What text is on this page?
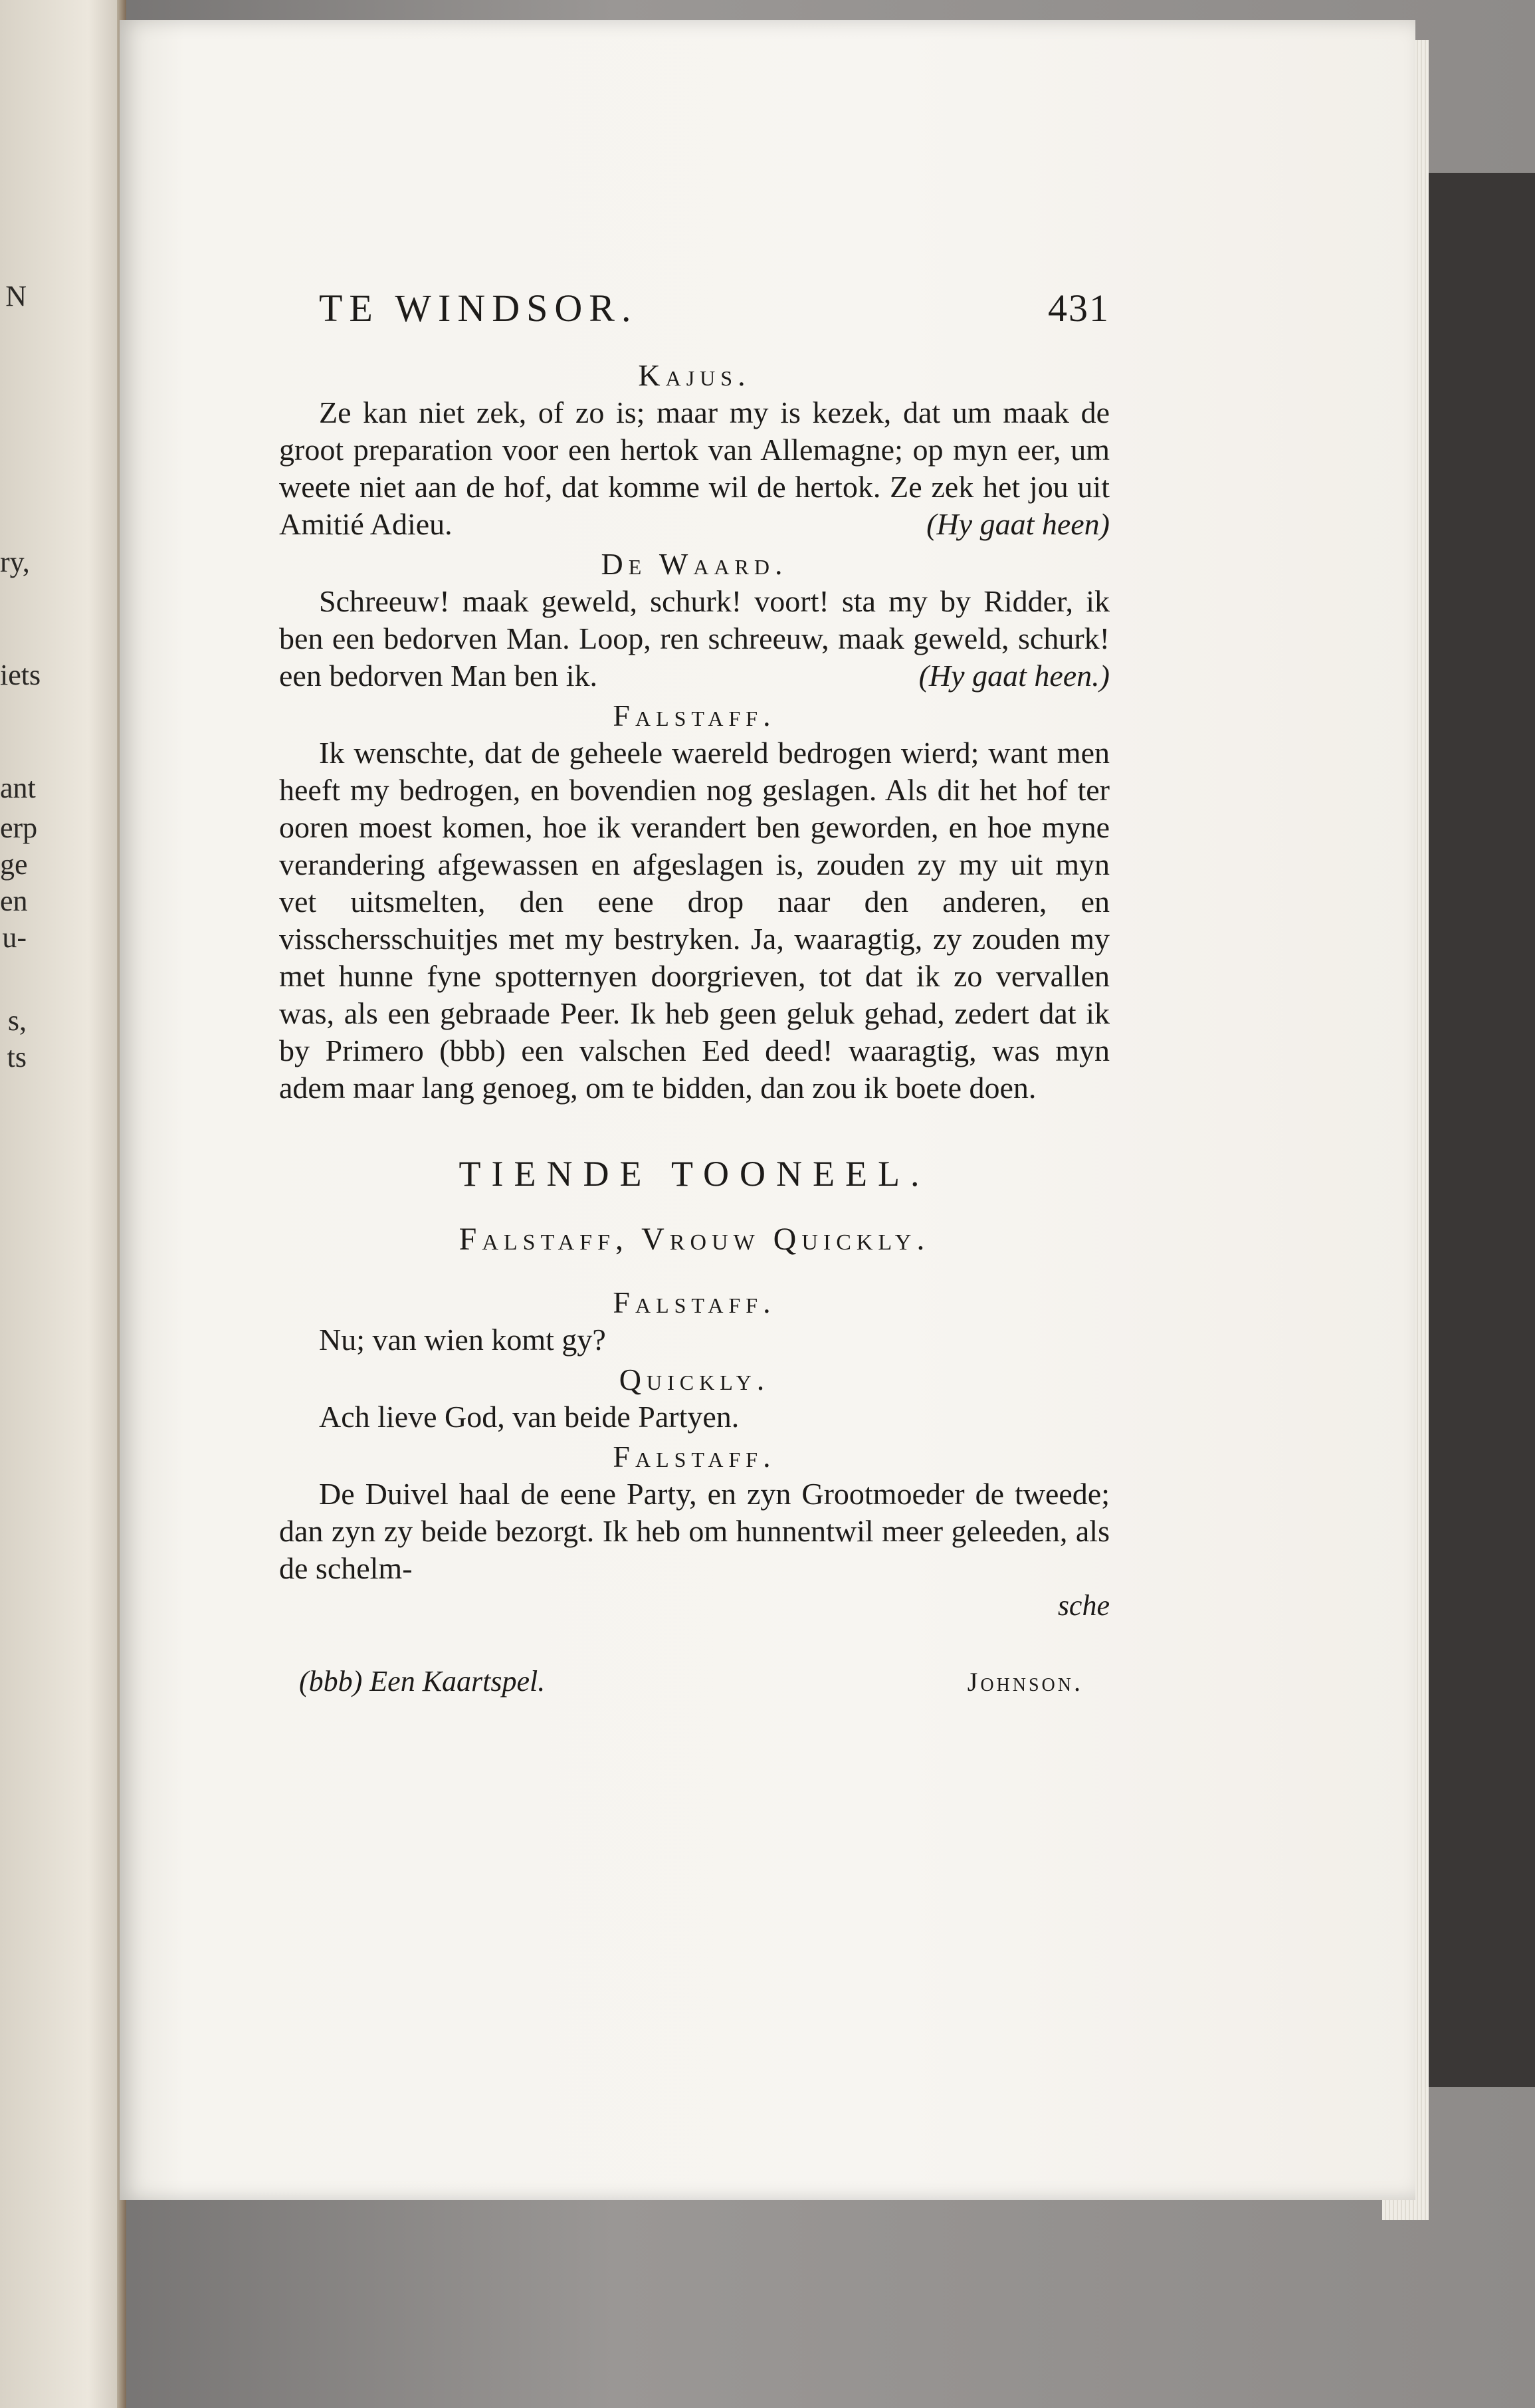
N
ry,
iets
ant
erp
ge
en
u-
s,
ts
TE WINDSOR.	431
Kajus.

Ze kan niet zek, of zo is; maar my is kezek, dat um maak de groot preparation voor een hertok van Allemagne; op myn eer, um weete niet aan de hof, dat komme wil de hertok. Ze zek het jou uit Amitié Adieu.	(Hy gaat heen)

De Waard.

Schreeuw! maak geweld, schurk! voort! sta my by Ridder, ik ben een bedorven Man. Loop, ren schreeuw, maak geweld, schurk! een bedorven Man ben ik.	(Hy gaat heen.)

Falstaff.

Ik wenschte, dat de geheele waereld bedrogen wierd; want men heeft my bedrogen, en bovendien nog geslagen. Als dit het hof ter ooren moest komen, hoe ik verandert ben geworden, en hoe myne verandering afgewassen en afgeslagen is, zouden zy my uit myn vet uitsmelten, den eene drop naar den anderen, en visschersschuitjes met my bestryken. Ja, waaragtig, zy zouden my met hunne fyne spotternyen doorgrieven, tot dat ik zo vervallen was, als een gebraade Peer. Ik heb geen geluk gehad, zedert dat ik by Primero (bbb) een valschen Eed deed! waaragtig, was myn adem maar lang genoeg, om te bidden, dan zou ik boete doen.

TIENDE TOONEEL.
Falstaff, Vrouw Quickly.
Falstaff.

Nu; van wien komt gy?

Quickly.

Ach lieve God, van beide Partyen.

Falstaff.

De Duivel haal de eene Party, en zyn Grootmoeder de tweede; dan zyn zy beide bezorgt. Ik heb om hunnentwil meer geleeden, als de schelm-

sche
(bbb) Een Kaartspel.	Johnson.
